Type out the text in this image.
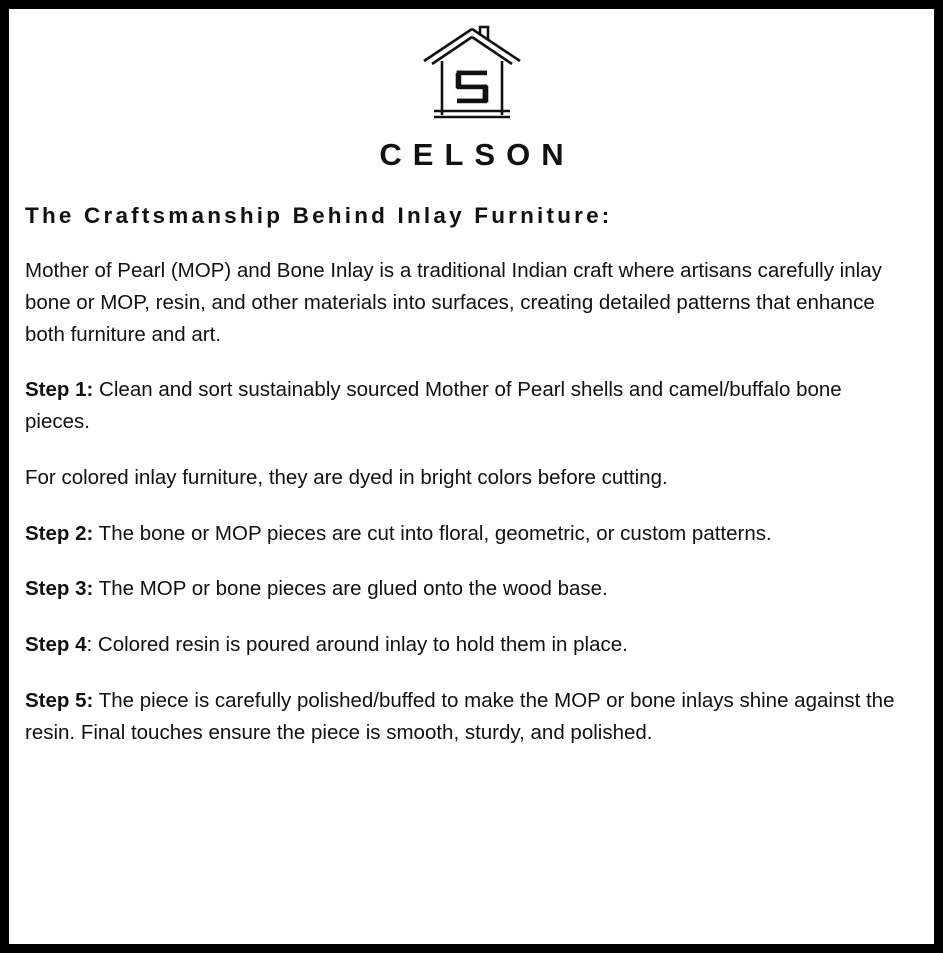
CELSON
The Craftsmanship Behind Inlay Furniture:

Mother of Pearl (MOP) and Bone Inlay is a traditional Indian craft where artisans carefully inlay bone or MOP, resin, and other materials into surfaces, creating detailed patterns that enhance both furniture and art.

Step 1: Clean and sort sustainably sourced Mother of Pearl shells and camel/buffalo bone pieces.

For colored inlay furniture, they are dyed in bright colors before cutting.

Step 2: The bone or MOP pieces are cut into floral, geometric, or custom patterns.

Step 3: The MOP or bone pieces are glued onto the wood base.

Step 4: Colored resin is poured around inlay to hold them in place.

Step 5: The piece is carefully polished/buffed to make the MOP or bone inlays shine against the resin. Final touches ensure the piece is smooth, sturdy, and polished.
